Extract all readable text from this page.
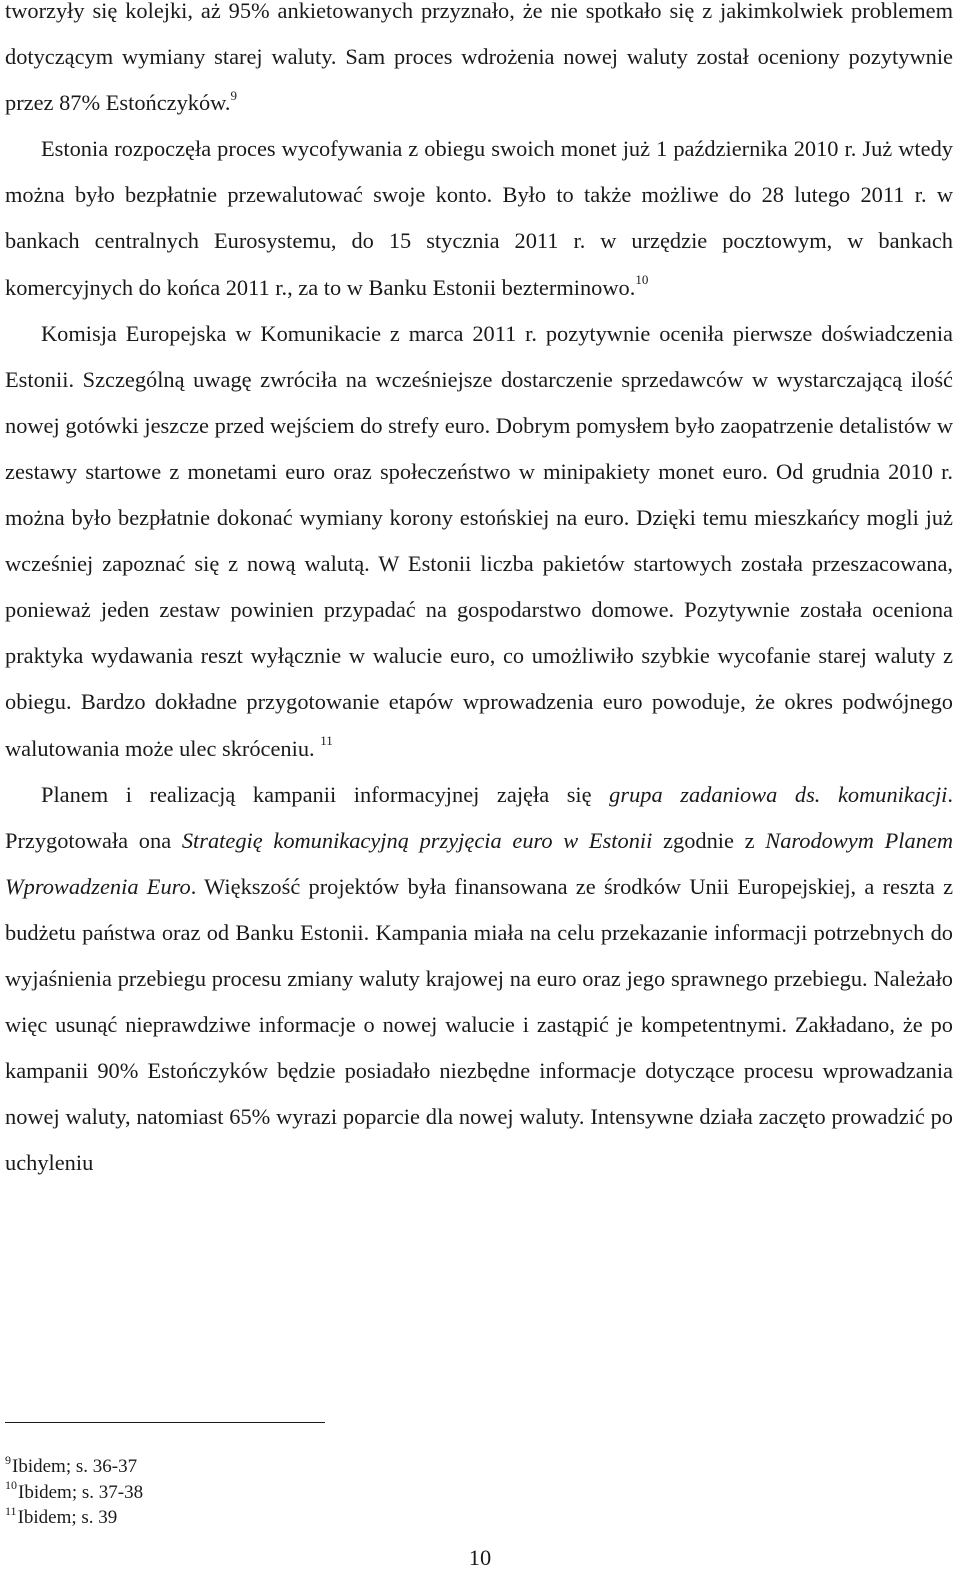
tworzyły się kolejki, aż 95% ankietowanych przyznało, że nie spotkało się z jakimkolwiek problemem dotyczącym wymiany starej waluty. Sam proces wdrożenia nowej waluty został oceniony pozytywnie przez 87% Estończyków.$^9$

Estonia rozpoczęła proces wycofywania z obiegu swoich monet już 1 października 2010 r. Już wtedy można było bezpłatnie przewalutować swoje konto. Było to także możliwe do 28 lutego 2011 r. w bankach centralnych Eurosystemu, do 15 stycznia 2011 r. w urzędzie pocztowym, w bankach komercyjnych do końca 2011 r., za to w Banku Estonii bezterminowo.$^{10}$

Komisja Europejska w Komunikacie z marca 2011 r. pozytywnie oceniła pierwsze doświadczenia Estonii. Szczególną uwagę zwróciła na wcześniejsze dostarczenie sprzedawców w wystarczającą ilość nowej gotówki jeszcze przed wejściem do strefy euro. Dobrym pomysłem było zaopatrzenie detalistów w zestawy startowe z monetami euro oraz społeczeństwo w minipakiety monet euro. Od grudnia 2010 r. można było bezpłatnie dokonać wymiany korony estońskiej na euro. Dzięki temu mieszkańcy mogli już wcześniej zapoznać się z nową walutą. W Estonii liczba pakietów startowych została przeszacowana, ponieważ jeden zestaw powinien przypadać na gospodarstwo domowe. Pozytywnie została oceniona praktyka wydawania reszt wyłącznie w walucie euro, co umożliwiło szybkie wycofanie starej waluty z obiegu. Bardzo dokładne przygotowanie etapów wprowadzenia euro powoduje, że okres podwójnego walutowania może ulec skróceniu. $^{11}$

Planem i realizacją kampanii informacyjnej zajęła się grupa zadaniowa ds. komunikacji. Przygotowała ona Strategię komunikacyjną przyjęcia euro w Estonii zgodnie z Narodowym Planem Wprowadzenia Euro. Większość projektów była finansowana ze środków Unii Europejskiej, a reszta z budżetu państwa oraz od Banku Estonii. Kampania miała na celu przekazanie informacji potrzebnych do wyjaśnienia przebiegu procesu zmiany waluty krajowej na euro oraz jego sprawnego przebiegu. Należało więc usunąć nieprawdziwe informacje o nowej walucie i zastąpić je kompetentnymi. Zakładano, że po kampanii 90% Estończyków będzie posiadało niezbędne informacje dotyczące procesu wprowadzania nowej waluty, natomiast 65% wyrazi poparcie dla nowej waluty. Intensywne działa zaczęto prowadzić po uchyleniu

$^9$Ibidem; s. 36-37

$^{10}$Ibidem; s. 37-38

$^{11}$Ibidem; s. 39

10
